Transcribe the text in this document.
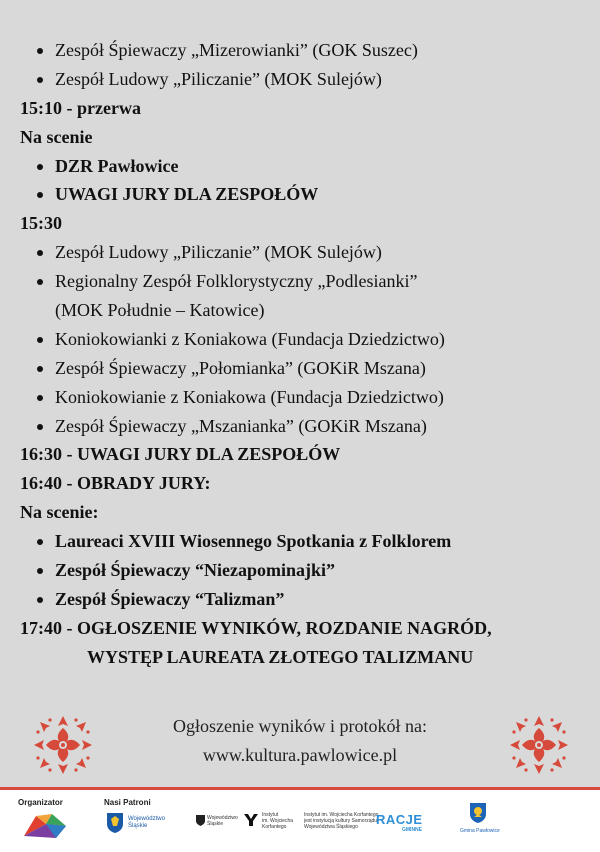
Zespół Śpiewaczy „Mizerowianki” (GOK Suszec)
Zespół Ludowy „Piliczanie” (MOK Sulejów)
15:10 - przerwa
Na scenie
DZR Pawłowice
UWAGI JURY DLA ZESPOŁÓW
15:30
Zespół Ludowy „Piliczanie” (MOK Sulejów)
Regionalny Zespół Folklorystyczny „Podlesianki”
(MOK Południe – Katowice)
Koniokowianki z Koniakowa (Fundacja Dziedzictwo)
Zespół Śpiewaczy „Połomianka” (GOKiR Mszana)
Koniokowianie z Koniakowa (Fundacja Dziedzictwo)
Zespół Śpiewaczy „Mszanianka” (GOKiR Mszana)
16:30 - UWAGI JURY DLA ZESPOŁÓW
16:40 - OBRADY JURY:
Na scenie:
Laureaci XVIII Wiosennego Spotkania z Folklorem
Zespół Śpiewaczy “Niezapominajki”
Zespół Śpiewaczy “Talizman”
17:40 - OGŁOSZENIE WYNIKÓW, ROZDANIE NAGRÓD,
WYSTĘP LAUREATA ZŁOTEGO TALIZMANU
Ogłoszenie wyników i protokół na:
www.kultura.pawlowice.pl
Organizator	Nasi Patroni
Województwo
Śląskie
Województwo
Śląskie
Instytut
im. Wojciecha
Korfantego
Instytut im. Wojciecha Korfantego
jest instytucją kultury Samorządu
Województwa Śląskiego RACJE
GMINNE	Gmina Pawłowice
